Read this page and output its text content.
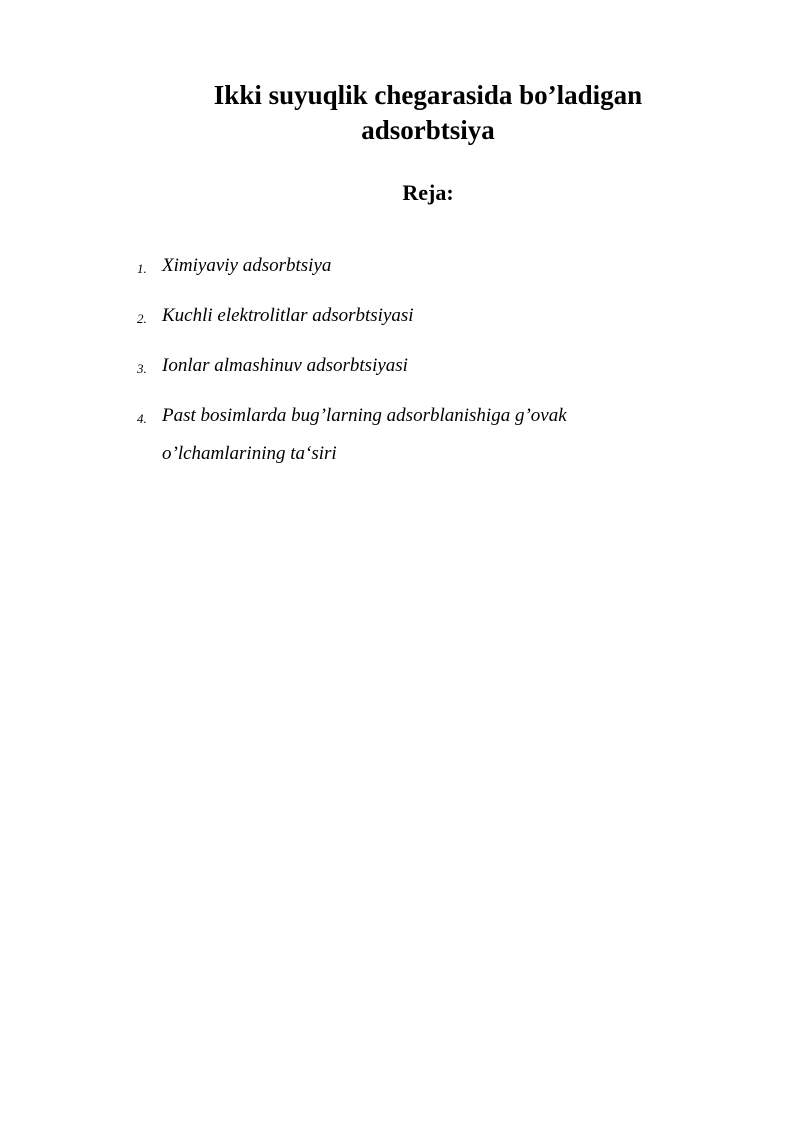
Ikki suyuqlik chegarasida bo’ladigan
adsorbtsiya
Reja:
1. Ximiyaviy adsorbtsiya
2. Kuchli elektrolitlar adsorbtsiyasi
3. Ionlar almashinuv adsorbtsiyasi
4. Past bosimlarda bug’larning adsorblanishiga g’ovak o’lchamlarining ta‘siri
